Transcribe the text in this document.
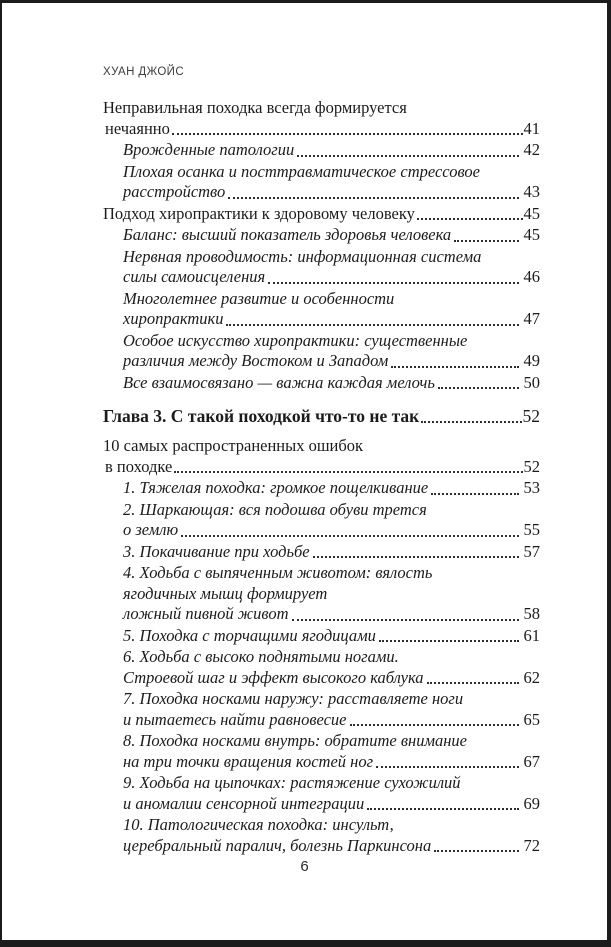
ХУАН ДЖОЙС
Неправильная походка всегда формируется
нечаянно	41
Врожденные патологии	42
Плохая осанка и посттравматическое стрессовое
расстройство	43
Подход хиропрактики к здоровому человеку	45
Баланс: высший показатель здоровья человека	45
Нервная проводимость: информационная система
силы самоисцеления	46
Многолетнее развитие и особенности
хиропрактики	47
Особое искусство хиропрактики: существенные
различия между Востоком и Западом	49
Все взаимосвязано — важна каждая мелочь	50
Глава 3. С такой походкой что-то не так	52
10 самых распространенных ошибок
в походке	52
1. Тяжелая походка: громкое пощелкивание	53
2. Шаркающая: вся подошва обуви трется
о землю	55
3. Покачивание при ходьбе	57
4. Ходьба с выпяченным животом: вялость
ягодичных мышц формирует
ложный пивной живот	58
5. Походка с торчащими ягодицами	61
6. Ходьба с высоко поднятыми ногами.
Строевой шаг и эффект высокого каблука	62
7. Походка носками наружу: расставляете ноги
и пытаетесь найти равновесие	65
8. Походка носками внутрь: обратите внимание
на три точки вращения костей ног	67
9. Ходьба на цыпочках: растяжение сухожилий
и аномалии сенсорной интеграции	69
10. Патологическая походка: инсульт,
церебральный паралич, болезнь Паркинсона	72
6
